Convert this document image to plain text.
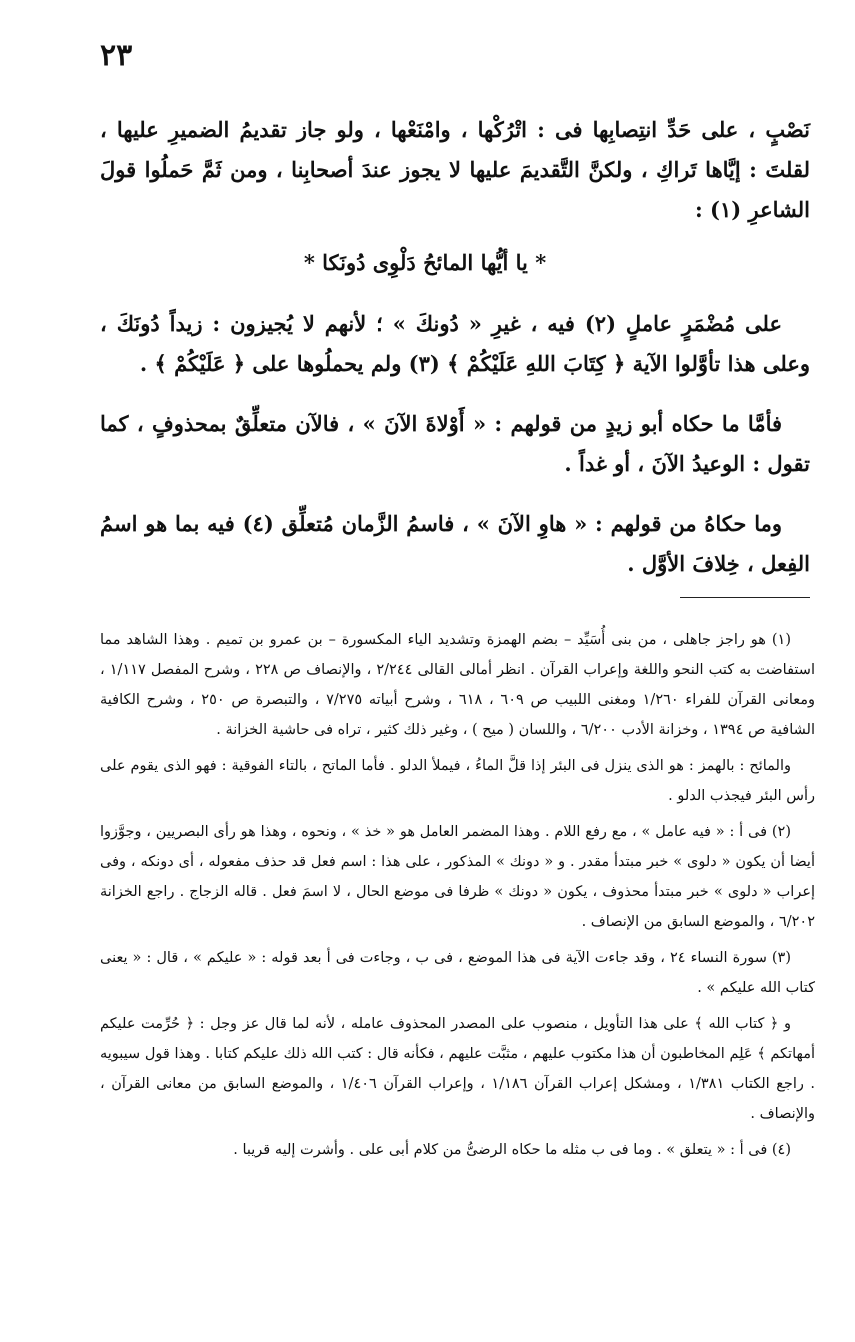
٢٣

نَصْبٍ ، على حَدِّ انتِصابِها فى : اتْرُكْها ، وامْنَعْها ، ولو جاز تقديمُ الضميرِ عليها ، لقلتَ : إيَّاها تَراكِ ، ولكنَّ التَّقديمَ عليها لا يجوز عندَ أصحابِنا ، ومن ثَمَّ حَملُوا قولَ الشاعرِ (١) :

* يا أيُّها المائحُ دَلْوِى دُونَكا *

على مُضْمَرٍ عاملٍ (٢) فيه ، غيرِ « دُونكَ » ؛ لأنهم لا يُجيزون : زيداً دُونَكَ ، وعلى هذا تأوَّلوا الآية ﴿ كِتَابَ اللهِ عَلَيْكُمْ ﴾ (٣) ولم يحملُوها على ﴿ عَلَيْكُمْ ﴾ .

فأمَّا ما حكاه أبو زيدٍ من قولهم : « أَوْلاةَ الآنَ » ، فالآن متعلِّقٌ بمحذوفٍ ، كما تقول : الوعيدُ الآنَ ، أو غداً .

وما حكاهُ من قولهم : « هاوِ الآنَ » ، فاسمُ الزَّمان مُتعلِّق (٤) فيه بما هو اسمُ الفِعل ، خِلافَ الأوَّل .

(١) هو راجز جاهلى ، من بنى أُسَيِّد – بضم الهمزة وتشديد الياء المكسورة – بن عمرو بن تميم . وهذا الشاهد مما استفاضت به كتب النحو واللغة وإعراب القرآن . انظر أمالى القالى ٢/٢٤٤ ، والإنصاف ص ٢٢٨ ، وشرح المفصل ١/١١٧ ، ومعانى القرآن للفراء ١/٢٦٠ ومغنى اللبيب ص ٦٠٩ ، ٦١٨ ، وشرح أبياته ٧/٢٧٥ ، والتبصرة ص ٢٥٠ ، وشرح الكافية الشافية ص ١٣٩٤ ، وخزانة الأدب ٦/٢٠٠ ، واللسان ( ميح ) ، وغير ذلك كثير ، تراه فى حاشية الخزانة .

والمائح : بالهمز : هو الذى ينزل فى البئر إذا قلَّ الماءُ ، فيملأ الدلو . فأما الماتح ، بالتاء الفوقية : فهو الذى يقوم على رأس البئر فيجذب الدلو .

(٢) فى أ : « فيه عامل » ، مع رفع اللام . وهذا المضمر العامل هو « خذ » ، ونحوه ، وهذا هو رأى البصريين ، وجوَّزوا أيضا أن يكون « دلوى » خبر مبتدأ مقدر . و « دونك » المذكور ، على هذا : اسم فعل قد حذف مفعوله ، أى دونكه ، وفى إعراب « دلوى » خبر مبتدأ محذوف ، يكون « دونك » ظرفا فى موضع الحال ، لا اسمَ فعل . قاله الزجاج . راجع الخزانة ٦/٢٠٢ ، والموضع السابق من الإنصاف .

(٣) سورة النساء ٢٤ ، وقد جاءت الآية فى هذا الموضع ، فى ب ، وجاءت فى أ بعد قوله : « عليكم » ، قال : « يعنى كتاب الله عليكم » .

و ﴿ كتاب الله ﴾ على هذا التأويل ، منصوب على المصدر المحذوف عامله ، لأنه لما قال عز وجل : ﴿ حُرِّمت عليكم أمهاتكم ﴾ عَلِم المخاطبون أن هذا مكتوب عليهم ، مثبَّت عليهم ، فكأنه قال : كتب الله ذلك عليكم كتابا . وهذا قول سيبويه . راجع الكتاب ١/٣٨١ ، ومشكل إعراب القرآن ١/١٨٦ ، وإعراب القرآن ١/٤٠٦ ، والموضع السابق من معانى القرآن ، والإنصاف .

(٤) فى أ : « يتعلق » . وما فى ب مثله ما حكاه الرضىُّ من كلام أبى على . وأشرت إليه قريبا .
